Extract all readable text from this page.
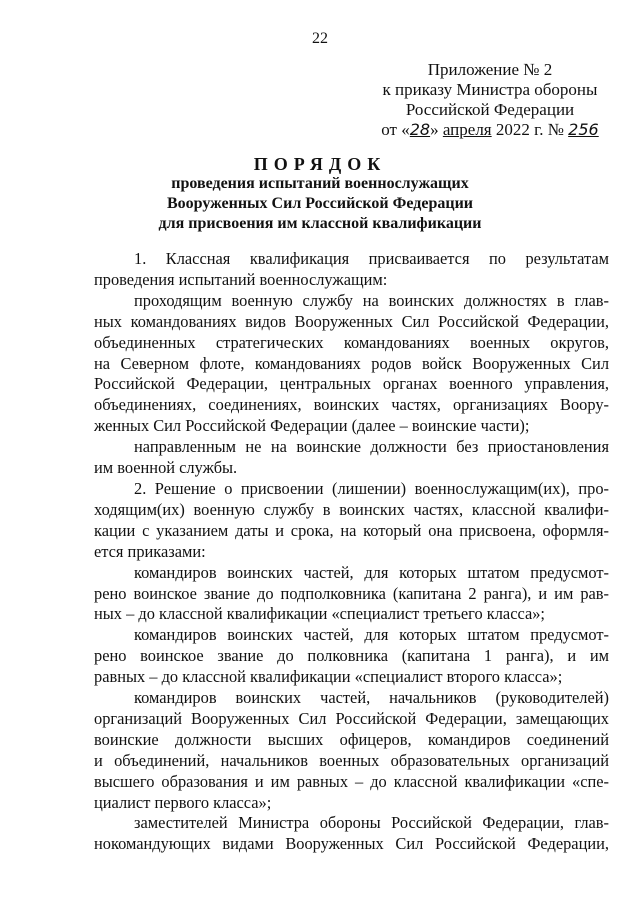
22
Приложение № 2
к приказу Министра обороны
Российской Федерации
от «28» апреля 2022 г. № 256
ПОРЯДОК
проведения испытаний военнослужащих
Вооруженных Сил Российской Федерации
для присвоения им классной квалификации
1. Классная квалификация присваивается по результатам
проведения испытаний военнослужащим:
проходящим военную службу на воинских должностях в глав-
ных командованиях видов Вооруженных Сил Российской Федерации,
объединенных стратегических командованиях военных округов,
на Северном флоте, командованиях родов войск Вооруженных Сил
Российской Федерации, центральных органах военного управления,
объединениях, соединениях, воинских частях, организациях Воору-
женных Сил Российской Федерации (далее – воинские части);
направленным не на воинские должности без приостановления
им военной службы.
2. Решение о присвоении (лишении) военнослужащим(их), про-
ходящим(их) военную службу в воинских частях, классной квалифи-
кации с указанием даты и срока, на который она присвоена, оформля-
ется приказами:
командиров воинских частей, для которых штатом предусмот-
рено воинское звание до подполковника (капитана 2 ранга), и им рав-
ных – до классной квалификации «специалист третьего класса»;
командиров воинских частей, для которых штатом предусмот-
рено воинское звание до полковника (капитана 1 ранга), и им
равных – до классной квалификации «специалист второго класса»;
командиров воинских частей, начальников (руководителей)
организаций Вооруженных Сил Российской Федерации, замещающих
воинские должности высших офицеров, командиров соединений
и объединений, начальников военных образовательных организаций
высшего образования и им равных – до классной квалификации «спе-
циалист первого класса»;
заместителей Министра обороны Российской Федерации, глав-
нокомандующих видами Вооруженных Сил Российской Федерации,
